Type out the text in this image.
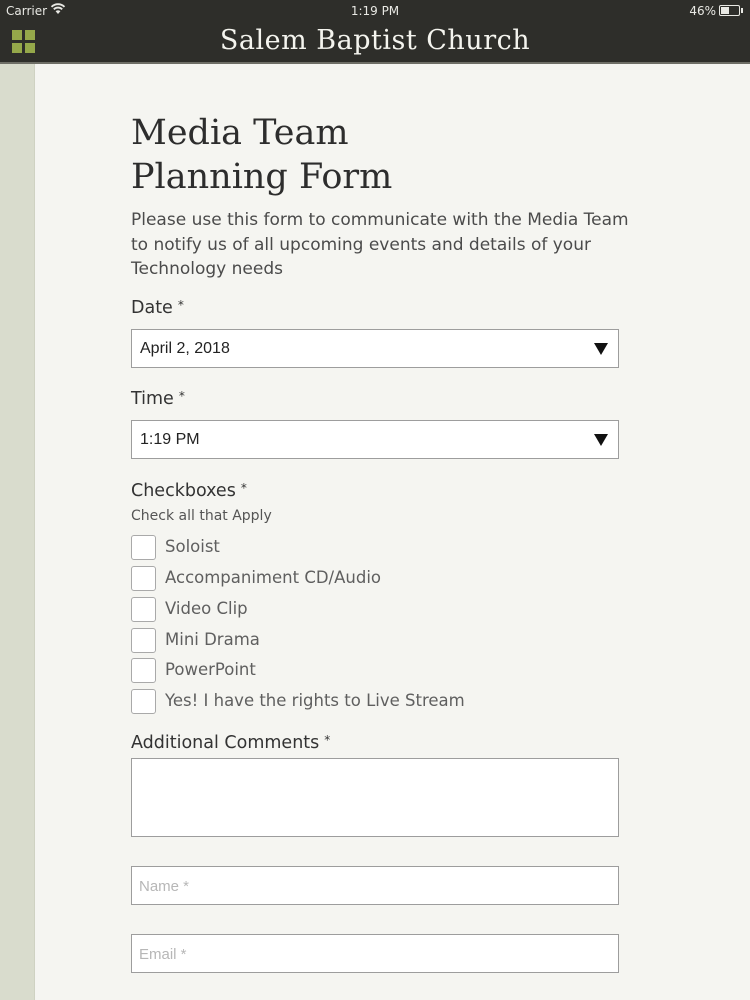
Carrier	1:19 PM	46%
Salem Baptist Church
Media Team
Planning Form
Please use this form to communicate with the Media Team to notify us of all upcoming events and details of your Technology needs
Date *
April 2, 2018
Time *
1:19 PM
Checkboxes *
Check all that Apply
Soloist
Accompaniment CD/Audio
Video Clip
Mini Drama
PowerPoint
Yes! I have the rights to Live Stream
Additional Comments *
Name *
Email *
